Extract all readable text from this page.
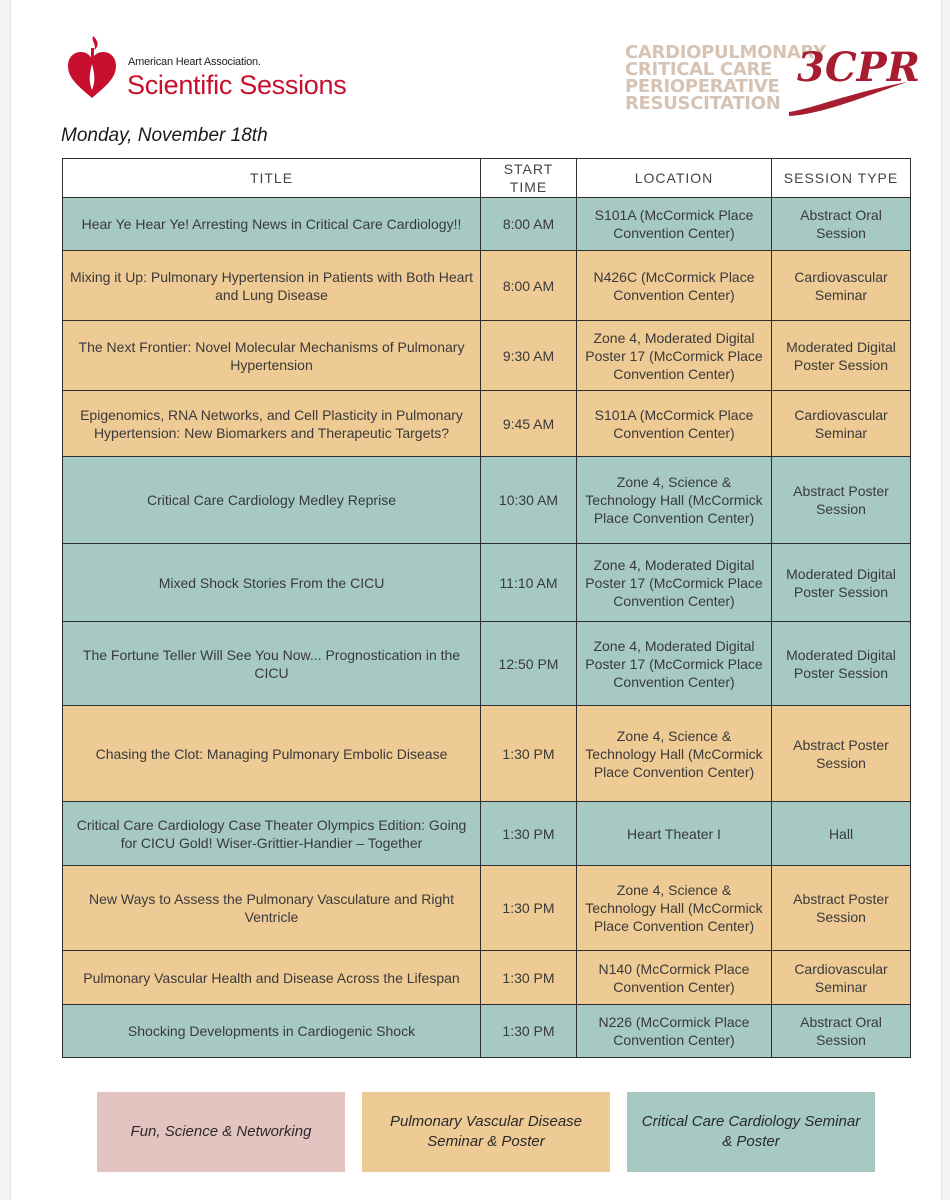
American Heart Association.
Scientific Sessions
CARDIOPULMONARY
CRITICAL CARE
PERIOPERATIVE
RESUSCITATION
3CPR
Monday, November 18th
TITLE	START TIME	LOCATION	SESSION TYPE
Hear Ye Hear Ye! Arresting News in Critical Care Cardiology!!	8:00 AM	S101A (McCormick Place Convention Center)	Abstract Oral Session
Mixing it Up: Pulmonary Hypertension in Patients with Both Heart and Lung Disease	8:00 AM	N426C (McCormick Place Convention Center)	Cardiovascular Seminar
The Next Frontier: Novel Molecular Mechanisms of Pulmonary Hypertension	9:30 AM	Zone 4, Moderated Digital Poster 17 (McCormick Place Convention Center)	Moderated Digital Poster Session
Epigenomics, RNA Networks, and Cell Plasticity in Pulmonary Hypertension: New Biomarkers and Therapeutic Targets?	9:45 AM	S101A (McCormick Place Convention Center)	Cardiovascular Seminar
Critical Care Cardiology Medley Reprise	10:30 AM	Zone 4, Science & Technology Hall (McCormick Place Convention Center)	Abstract Poster Session
Mixed Shock Stories From the CICU	11:10 AM	Zone 4, Moderated Digital Poster 17 (McCormick Place Convention Center)	Moderated Digital Poster Session
The Fortune Teller Will See You Now... Prognostication in the CICU	12:50 PM	Zone 4, Moderated Digital Poster 17 (McCormick Place Convention Center)	Moderated Digital Poster Session
Chasing the Clot: Managing Pulmonary Embolic Disease	1:30 PM	Zone 4, Science & Technology Hall (McCormick Place Convention Center)	Abstract Poster Session
Critical Care Cardiology Case Theater Olympics Edition: Going for CICU Gold! Wiser-Grittier-Handier – Together	1:30 PM	Heart Theater I	Hall
New Ways to Assess the Pulmonary Vasculature and Right Ventricle	1:30 PM	Zone 4, Science & Technology Hall (McCormick Place Convention Center)	Abstract Poster Session
Pulmonary Vascular Health and Disease Across the Lifespan	1:30 PM	N140 (McCormick Place Convention Center)	Cardiovascular Seminar
Shocking Developments in Cardiogenic Shock	1:30 PM	N226 (McCormick Place Convention Center)	Abstract Oral Session
Fun, Science & Networking
Pulmonary Vascular Disease Seminar & Poster
Critical Care Cardiology Seminar & Poster
